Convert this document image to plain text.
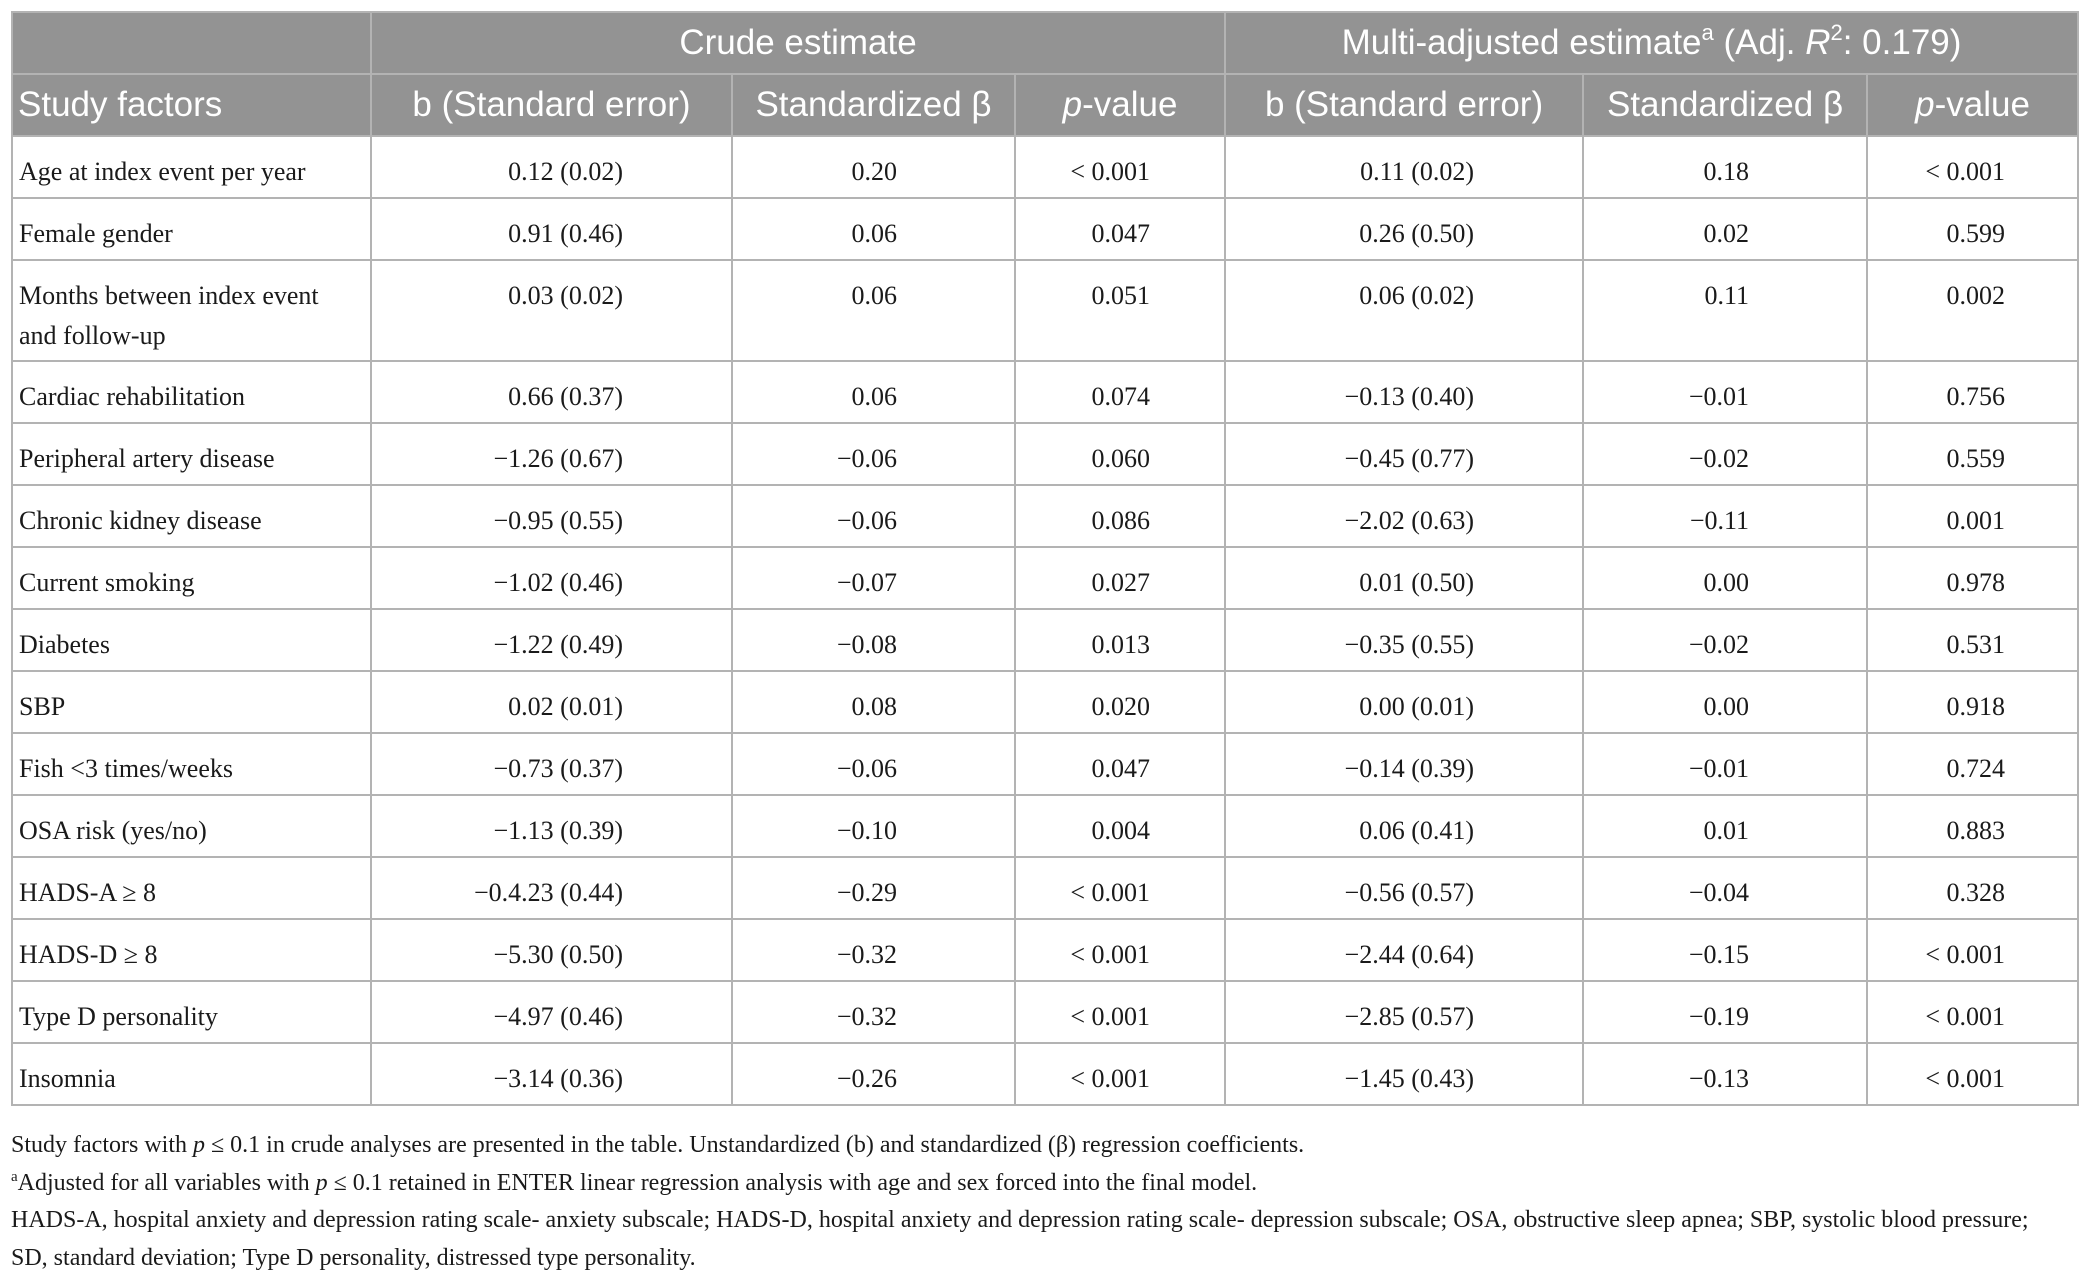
	Crude estimate			Multi-adjusted estimate$^a$ (Adj. $R^2$: 0.179)		
Study factors	b (Standard error)	Standardized β	p-value	b (Standard error)	Standardized β	p-value
Age at index event per year	0.12 (0.02)	0.20	< 0.001	0.11 (0.02)	0.18	< 0.001
Female gender	0.91 (0.46)	0.06	0.047	0.26 (0.50)	0.02	0.599
Months between index event and follow-up	0.03 (0.02)	0.06	0.051	0.06 (0.02)	0.11	0.002
Cardiac rehabilitation	0.66 (0.37)	0.06	0.074	−0.13 (0.40)	−0.01	0.756
Peripheral artery disease	−1.26 (0.67)	−0.06	0.060	−0.45 (0.77)	−0.02	0.559
Chronic kidney disease	−0.95 (0.55)	−0.06	0.086	−2.02 (0.63)	−0.11	0.001
Current smoking	−1.02 (0.46)	−0.07	0.027	0.01 (0.50)	0.00	0.978
Diabetes	−1.22 (0.49)	−0.08	0.013	−0.35 (0.55)	−0.02	0.531
SBP	0.02 (0.01)	0.08	0.020	0.00 (0.01)	0.00	0.918
Fish <3 times/weeks	−0.73 (0.37)	−0.06	0.047	−0.14 (0.39)	−0.01	0.724
OSA risk (yes/no)	−1.13 (0.39)	−0.10	0.004	0.06 (0.41)	0.01	0.883
HADS-A ≥ 8	−0.4.23 (0.44)	−0.29	< 0.001	−0.56 (0.57)	−0.04	0.328
HADS-D ≥ 8	−5.30 (0.50)	−0.32	< 0.001	−2.44 (0.64)	−0.15	< 0.001
Type D personality	−4.97 (0.46)	−0.32	< 0.001	−2.85 (0.57)	−0.19	< 0.001
Insomnia	−3.14 (0.36)	−0.26	< 0.001	−1.45 (0.43)	−0.13	< 0.001

Study factors with p ≤ 0.1 in crude analyses are presented in the table. Unstandardized (b) and standardized (β) regression coefficients.

$^a$Adjusted for all variables with p ≤ 0.1 retained in ENTER linear regression analysis with age and sex forced into the final model.

HADS-A, hospital anxiety and depression rating scale- anxiety subscale; HADS-D, hospital anxiety and depression rating scale- depression subscale; OSA, obstructive sleep apnea; SBP, systolic blood pressure; SD, standard deviation; Type D personality, distressed type personality.
